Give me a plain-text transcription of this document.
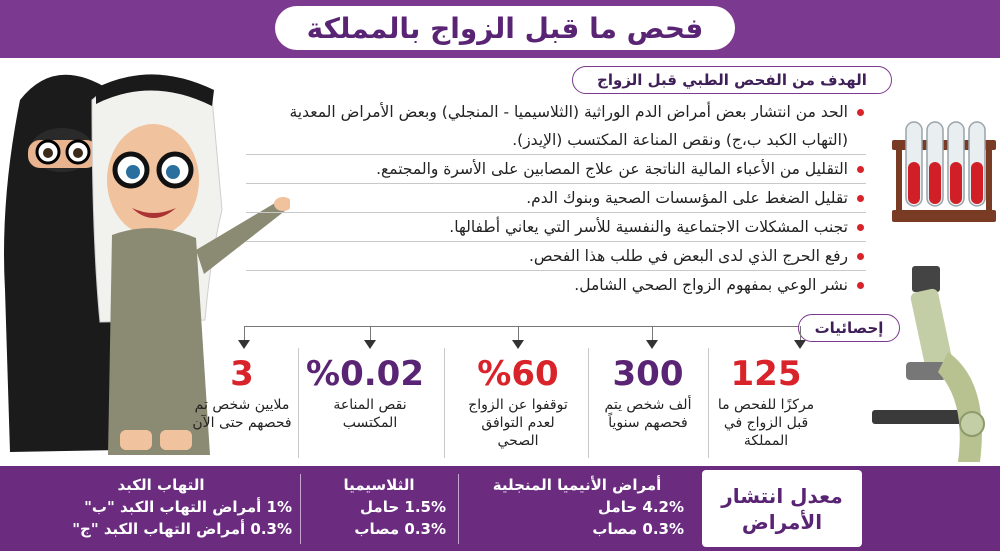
فحص ما قبل الزواج بالمملكة
الهدف من الفحص الطبي قبل الزواج
الحد من انتشار بعض أمراض الدم الوراثية (الثلاسيميا - المنجلي) وبعض الأمراض المعدية (التهاب الكبد ب،ج) ونقص المناعة المكتسب (الإيدز).
التقليل من الأعباء المالية الناتجة عن علاج المصابين على الأسرة والمجتمع.
تقليل الضغط على المؤسسات الصحية وبنوك الدم.
تجنب المشكلات الاجتماعية والنفسية للأسر التي يعاني أطفالها.
رفع الحرج الذي لدى البعض في طلب هذا الفحص.
نشر الوعي بمفهوم الزواج الصحي الشامل.
إحصائيات
125
مركزًا للفحص ما قبل الزواج في المملكة
300
ألف شخص يتم فحصهم سنوياً
%60
توقفوا عن الزواج لعدم التوافق الصحي
%0.02
نقص المناعة المكتسب
3
ملايين شخص تم فحصهم حتى الآن
معدل انتشار الأمراض
أمراض الأنيميا المنجلية
4.2% حامل
0.3% مصاب
الثلاسيميا
1.5% حامل
0.3% مصاب
التهاب الكبد
1% أمراض التهاب الكبد "ب"
0.3% أمراض التهاب الكبد "ج"
